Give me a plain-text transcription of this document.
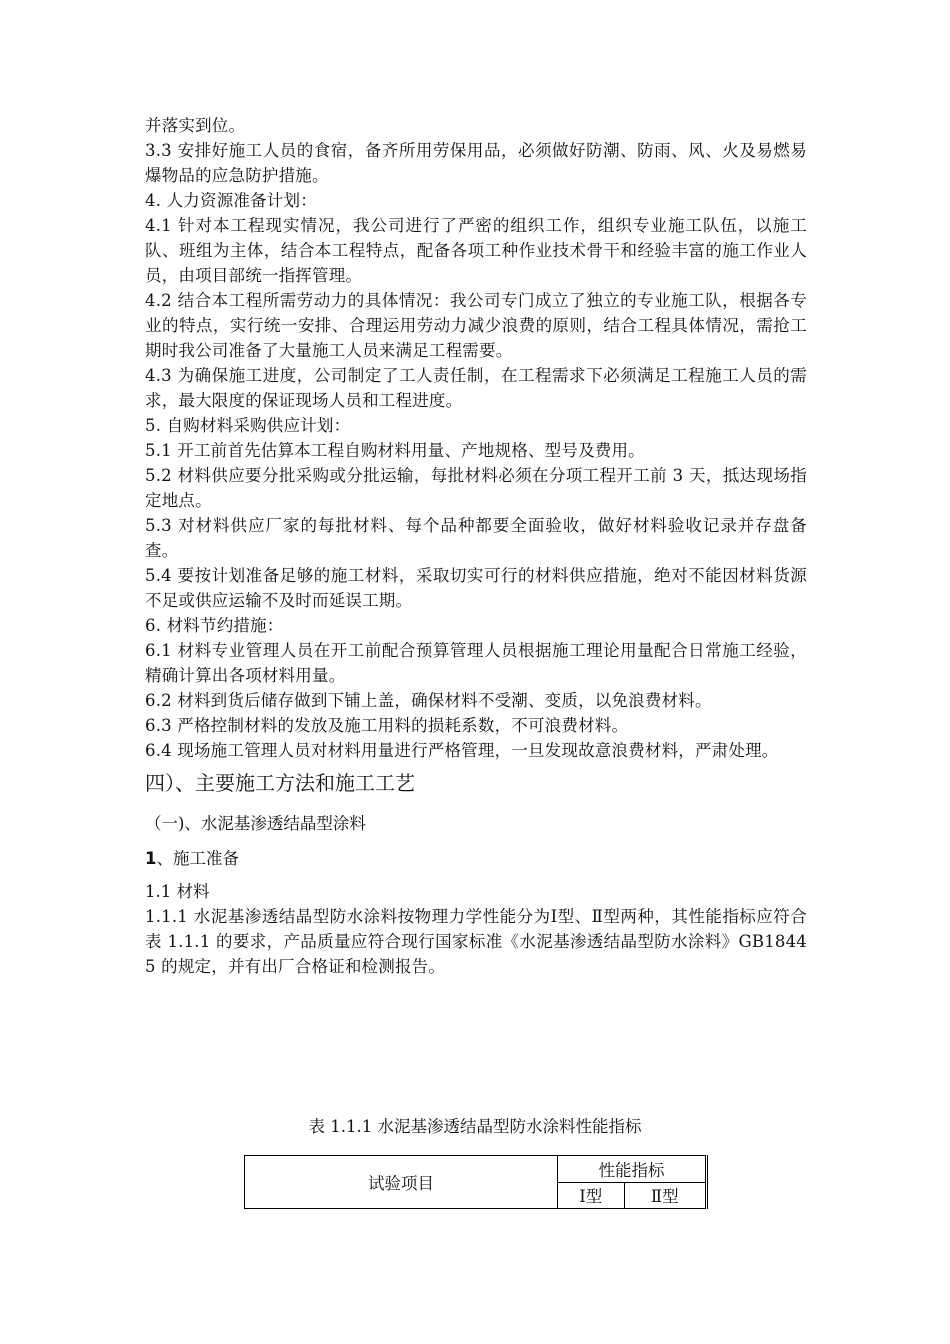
并落实到位。

3.3 安排好施工人员的食宿，备齐所用劳保用品，必须做好防潮、防雨、风、火及易燃易爆物品的应急防护措施。

4. 人力资源准备计划：

4.1 针对本工程现实情况，我公司进行了严密的组织工作，组织专业施工队伍，以施工队、班组为主体，结合本工程特点，配备各项工种作业技术骨干和经验丰富的施工作业人员，由项目部统一指挥管理。

4.2 结合本工程所需劳动力的具体情况：我公司专门成立了独立的专业施工队，根据各专业的特点，实行统一安排、合理运用劳动力减少浪费的原则，结合工程具体情况，需抢工期时我公司准备了大量施工人员来满足工程需要。

4.3 为确保施工进度，公司制定了工人责任制，在工程需求下必须满足工程施工人员的需求，最大限度的保证现场人员和工程进度。

5. 自购材料采购供应计划：

5.1 开工前首先估算本工程自购材料用量、产地规格、型号及费用。

5.2 材料供应要分批采购或分批运输，每批材料必须在分项工程开工前 3 天，抵达现场指定地点。

5.3 对材料供应厂家的每批材料、每个品种都要全面验收，做好材料验收记录并存盘备查。

5.4 要按计划准备足够的施工材料，采取切实可行的材料供应措施，绝对不能因材料货源不足或供应运输不及时而延误工期。

6. 材料节约措施：

6.1 材料专业管理人员在开工前配合预算管理人员根据施工理论用量配合日常施工经验，精确计算出各项材料用量。

6.2 材料到货后储存做到下铺上盖，确保材料不受潮、变质，以免浪费材料。

6.3 严格控制材料的发放及施工用料的损耗系数，不可浪费材料。

6.4 现场施工管理人员对材料用量进行严格管理，一旦发现故意浪费材料，严肃处理。

四）、主要施工方法和施工工艺
（一)、水泥基渗透结晶型涂料
1、施工准备
1.1 材料

1.1.1 水泥基渗透结晶型防水涂料按物理力学性能分为Ⅰ型、Ⅱ型两种，其性能指标应符合表 1.1.1 的要求，产品质量应符合现行国家标准《水泥基渗透结晶型防水涂料》GB18445 的规定，并有出厂合格证和检测报告。

表 1.1.1 水泥基渗透结晶型防水涂料性能指标
试验项目	性能指标	
	Ⅰ型	Ⅱ型
